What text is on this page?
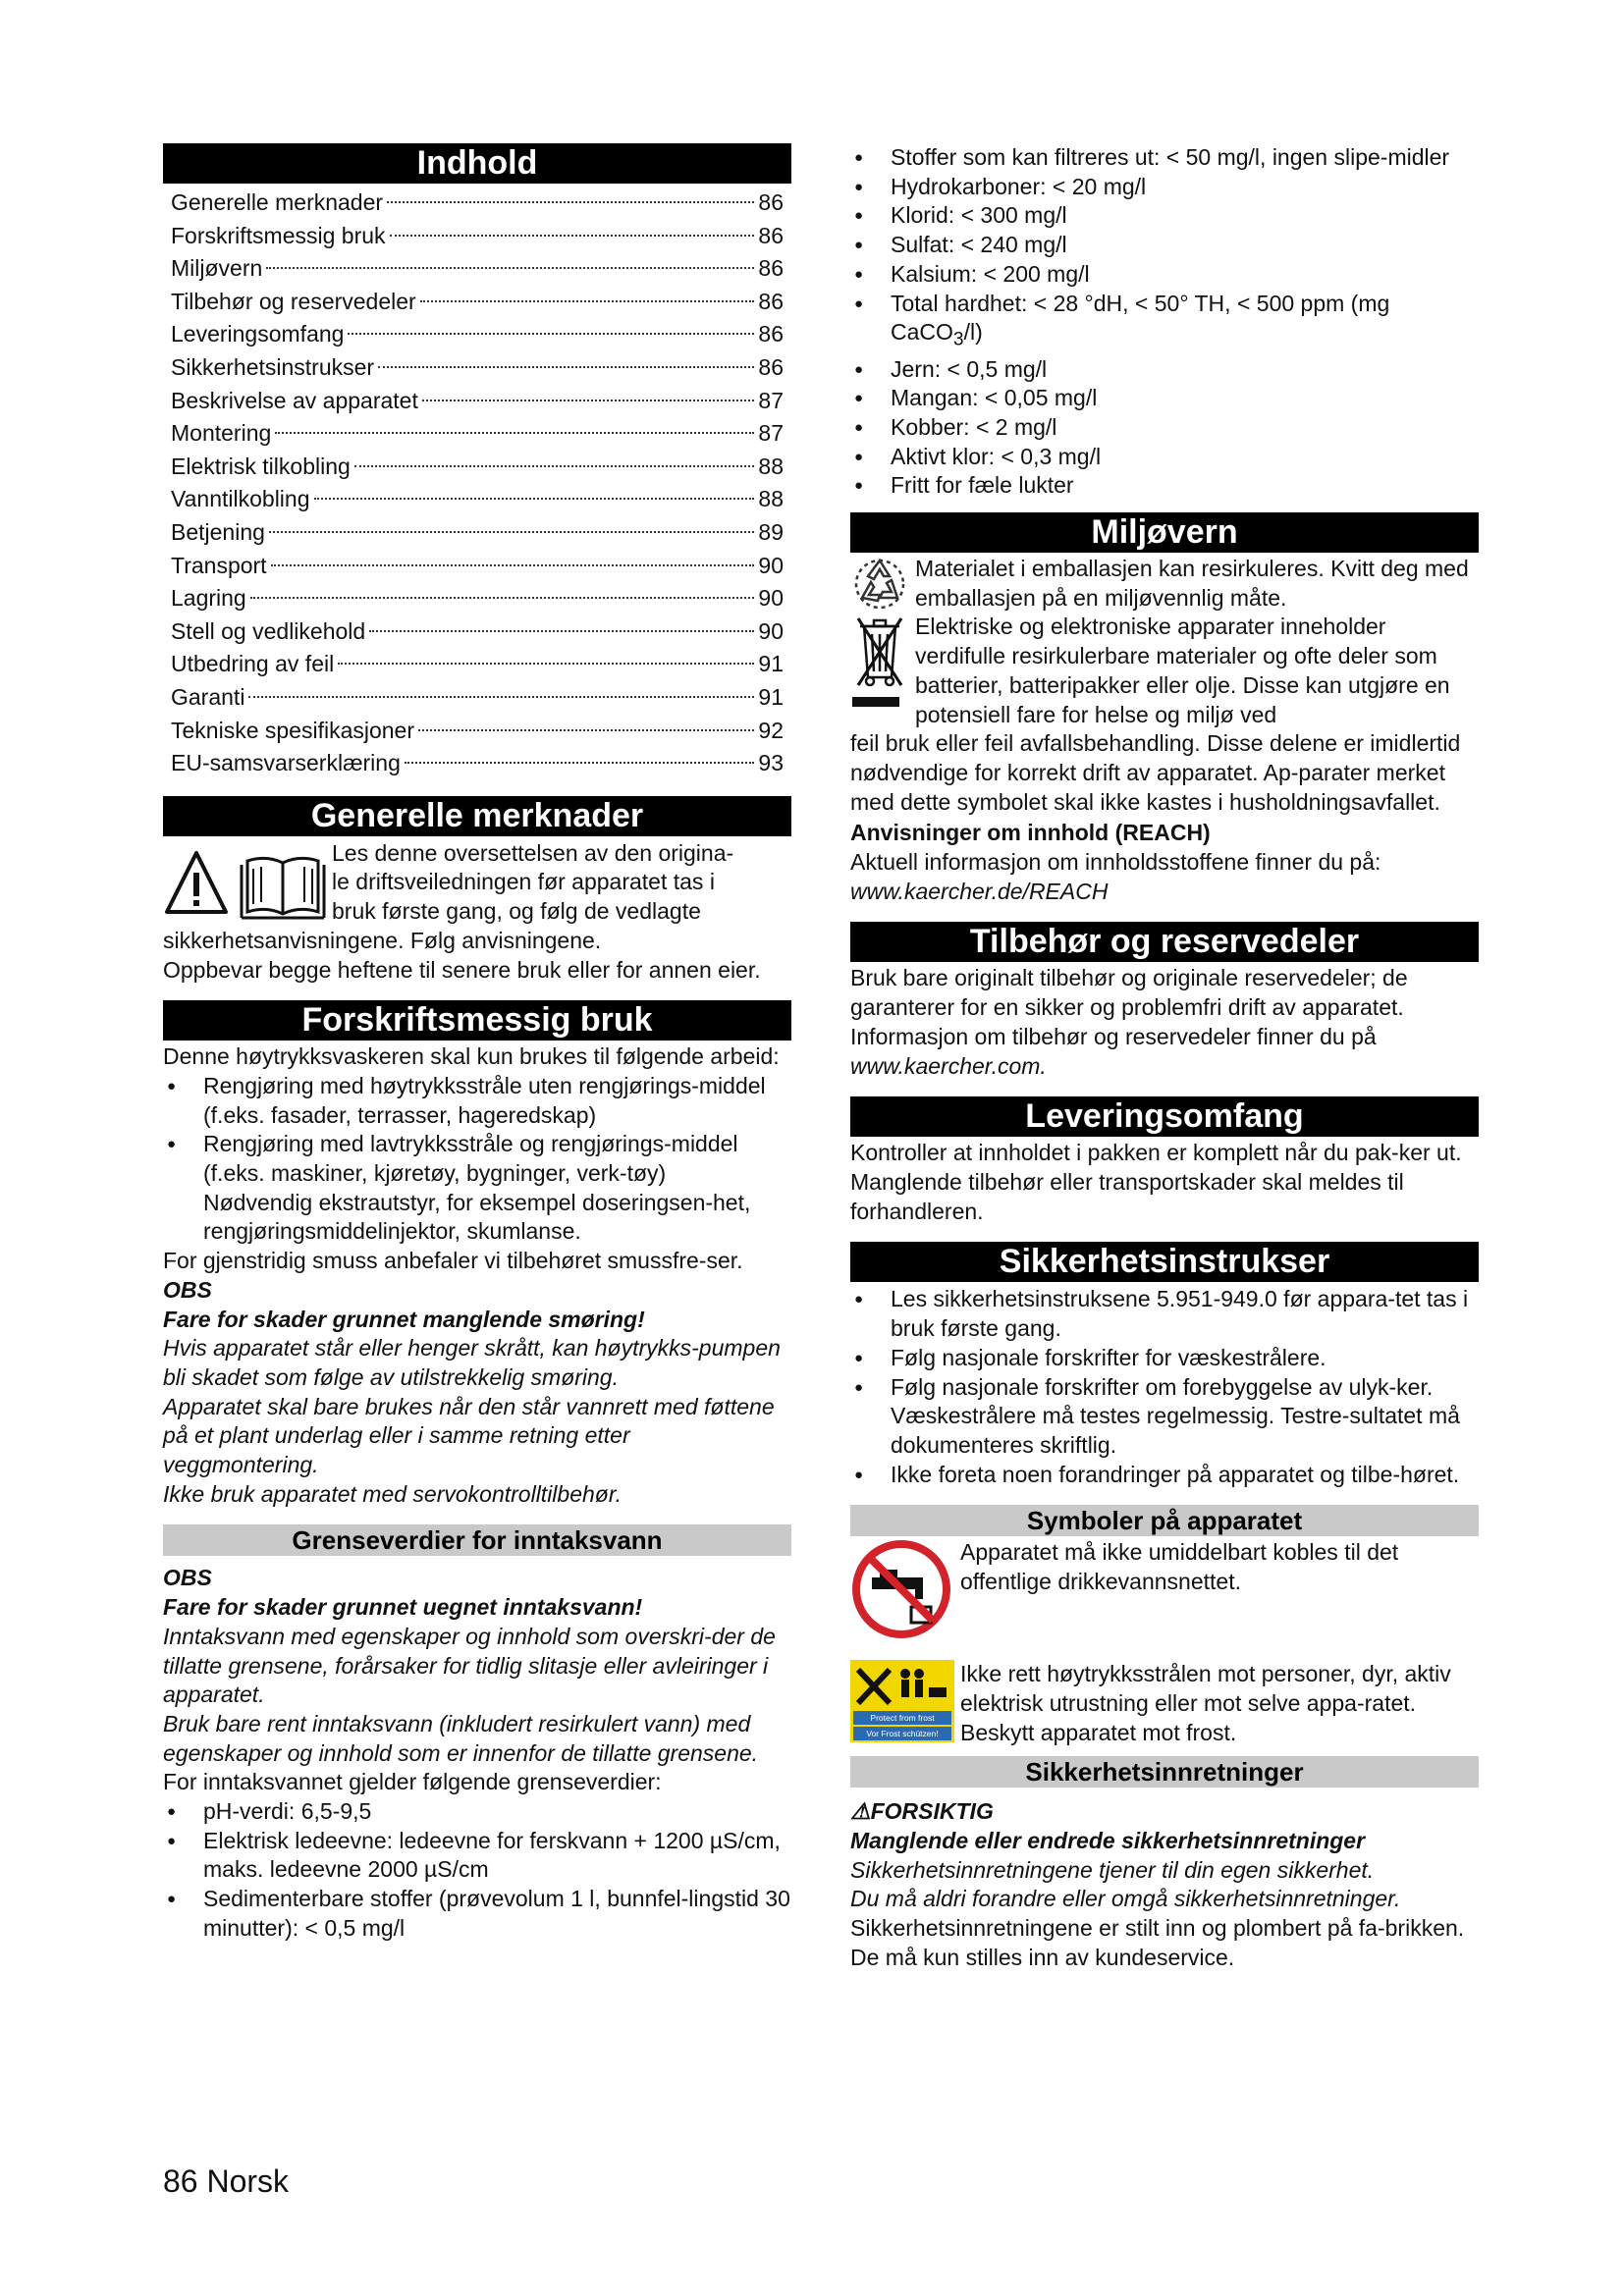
Indhold
Generelle merknader	86
Forskriftsmessig bruk	86
Miljøvern	86
Tilbehør og reservedeler	86
Leveringsomfang	86
Sikkerhetsinstrukser	86
Beskrivelse av apparatet	87
Montering	87
Elektrisk tilkobling	88
Vanntilkobling	88
Betjening	89
Transport	90
Lagring	90
Stell og vedlikehold	90
Utbedring av feil	91
Garanti	91
Tekniske spesifikasjoner	92
EU-samsvarserklæring	93
Generelle merknader

Les denne oversettelsen av den origina-

le driftsveiledningen før apparatet tas i

bruk første gang, og følg de vedlagte

sikkerhetsanvisningene. Følg anvisningene.

Oppbevar begge heftene til senere bruk eller for annen eier.

Forskriftsmessig bruk

Denne høytrykksvaskeren skal kun brukes til følgende arbeid:

● Rengjøring med høytrykksstråle uten rengjørings-middel (f.eks. fasader, terrasser, hageredskap)
● Rengjøring med lavtrykksstråle og rengjørings-middel (f.eks. maskiner, kjøretøy, bygninger, verk-tøy)

Nødvendig ekstrautstyr, for eksempel doseringsen-het, rengjøringsmiddelinjektor, skumlanse.

For gjenstridig smuss anbefaler vi tilbehøret smussfre-ser.

OBS

Fare for skader grunnet manglende smøring!

Hvis apparatet står eller henger skrått, kan høytrykks-pumpen bli skadet som følge av utilstrekkelig smøring.

Apparatet skal bare brukes når den står vannrett med føttene på et plant underlag eller i samme retning etter veggmontering.

Ikke bruk apparatet med servokontrolltilbehør.

Grenseverdier for inntaksvann

OBS

Fare for skader grunnet uegnet inntaksvann!

Inntaksvann med egenskaper og innhold som overskri-der de tillatte grensene, forårsaker for tidlig slitasje eller avleiringer i apparatet.

Bruk bare rent inntaksvann (inkludert resirkulert vann) med egenskaper og innhold som er innenfor de tillatte grensene.

For inntaksvannet gjelder følgende grenseverdier:

● pH-verdi: 6,5-9,5
● Elektrisk ledeevne: ledeevne for ferskvann + 1200 µS/cm, maks. ledeevne 2000 µS/cm
● Sedimenterbare stoffer (prøvevolum 1 l, bunnfel-lingstid 30 minutter): < 0,5 mg/l
● Stoffer som kan filtreres ut: < 50 mg/l, ingen slipe-midler
● Hydrokarboner: < 20 mg/l
● Klorid: < 300 mg/l
● Sulfat: < 240 mg/l
● Kalsium: < 200 mg/l
● Total hardhet: < 28 °dH, < 50° TH, < 500 ppm (mg CaCO$_3$/l)
● Jern: < 0,5 mg/l
● Mangan: < 0,05 mg/l
● Kobber: < 2 mg/l
● Aktivt klor: < 0,3 mg/l
● Fritt for fæle lukter
Miljøvern

Materialet i emballasjen kan resirkuleres. Kvitt deg med emballasjen på en miljøvennlig måte.

Elektriske og elektroniske apparater inneholder verdifulle resirkulerbare materialer og ofte deler som batterier, batteripakker eller olje. Disse kan utgjøre en potensiell fare for helse og miljø ved

feil bruk eller feil avfallsbehandling. Disse delene er imidlertid nødvendige for korrekt drift av apparatet. Ap-parater merket med dette symbolet skal ikke kastes i husholdningsavfallet.

Anvisninger om innhold (REACH)

Aktuell informasjon om innholdsstoffene finner du på:

www.kaercher.de/REACH

Tilbehør og reservedeler

Bruk bare originalt tilbehør og originale reservedeler; de garanterer for en sikker og problemfri drift av apparatet. Informasjon om tilbehør og reservedeler finner du på

www.kaercher.com.

Leveringsomfang

Kontroller at innholdet i pakken er komplett når du pak-ker ut. Manglende tilbehør eller transportskader skal meldes til forhandleren.

Sikkerhetsinstrukser
● Les sikkerhetsinstruksene 5.951-949.0 før appara-tet tas i bruk første gang.
● Følg nasjonale forskrifter for væskestrålere.
● Følg nasjonale forskrifter om forebyggelse av ulyk-ker. Væskestrålere må testes regelmessig. Testre-sultatet må dokumenteres skriftlig.
● Ikke foreta noen forandringer på apparatet og tilbe-høret.
Symboler på apparatet

Apparatet må ikke umiddelbart kobles til det offentlige drikkevannsnettet.

Protect from frost
Vor Frost schützen!

Ikke rett høytrykksstrålen mot personer, dyr, aktiv elektrisk utrustning eller mot selve appa-ratet. Beskytt apparatet mot frost.

Sikkerhetsinnretninger

⚠FORSIKTIG

Manglende eller endrede sikkerhetsinnretninger

Sikkerhetsinnretningene tjener til din egen sikkerhet.

Du må aldri forandre eller omgå sikkerhetsinnretninger.

Sikkerhetsinnretningene er stilt inn og plombert på fa-brikken. De må kun stilles inn av kundeservice.

86 Norsk
